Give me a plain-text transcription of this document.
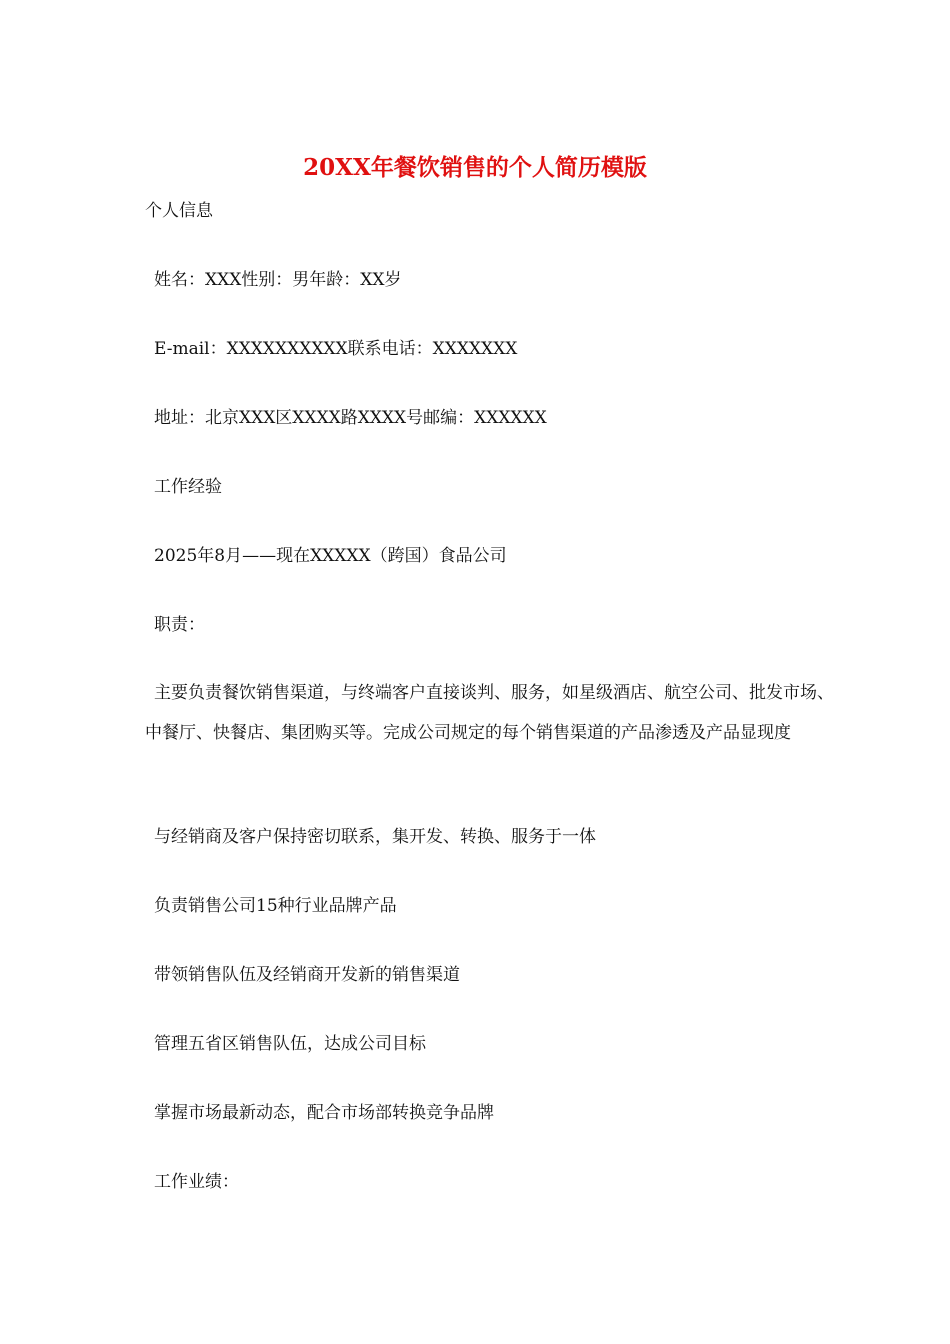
20XX年餐饮销售的个人简历模版

个人信息

姓名：XXX性别：男年龄：XX岁

E-mail：XXXXXXXXXX联系电话：XXXXXXX

地址：北京XXX区XXXX路XXXX号邮编：XXXXXX

工作经验

2025年8月——现在XXXXX（跨国）食品公司

职责：

主要负责餐饮销售渠道，与终端客户直接谈判、服务，如星级酒店、航空公司、批发市场、中餐厅、快餐店、集团购买等。完成公司规定的每个销售渠道的产品渗透及产品显现度

与经销商及客户保持密切联系，集开发、转换、服务于一体

负责销售公司15种行业品牌产品

带领销售队伍及经销商开发新的销售渠道

管理五省区销售队伍，达成公司目标

掌握市场最新动态，配合市场部转换竞争品牌

工作业绩：
